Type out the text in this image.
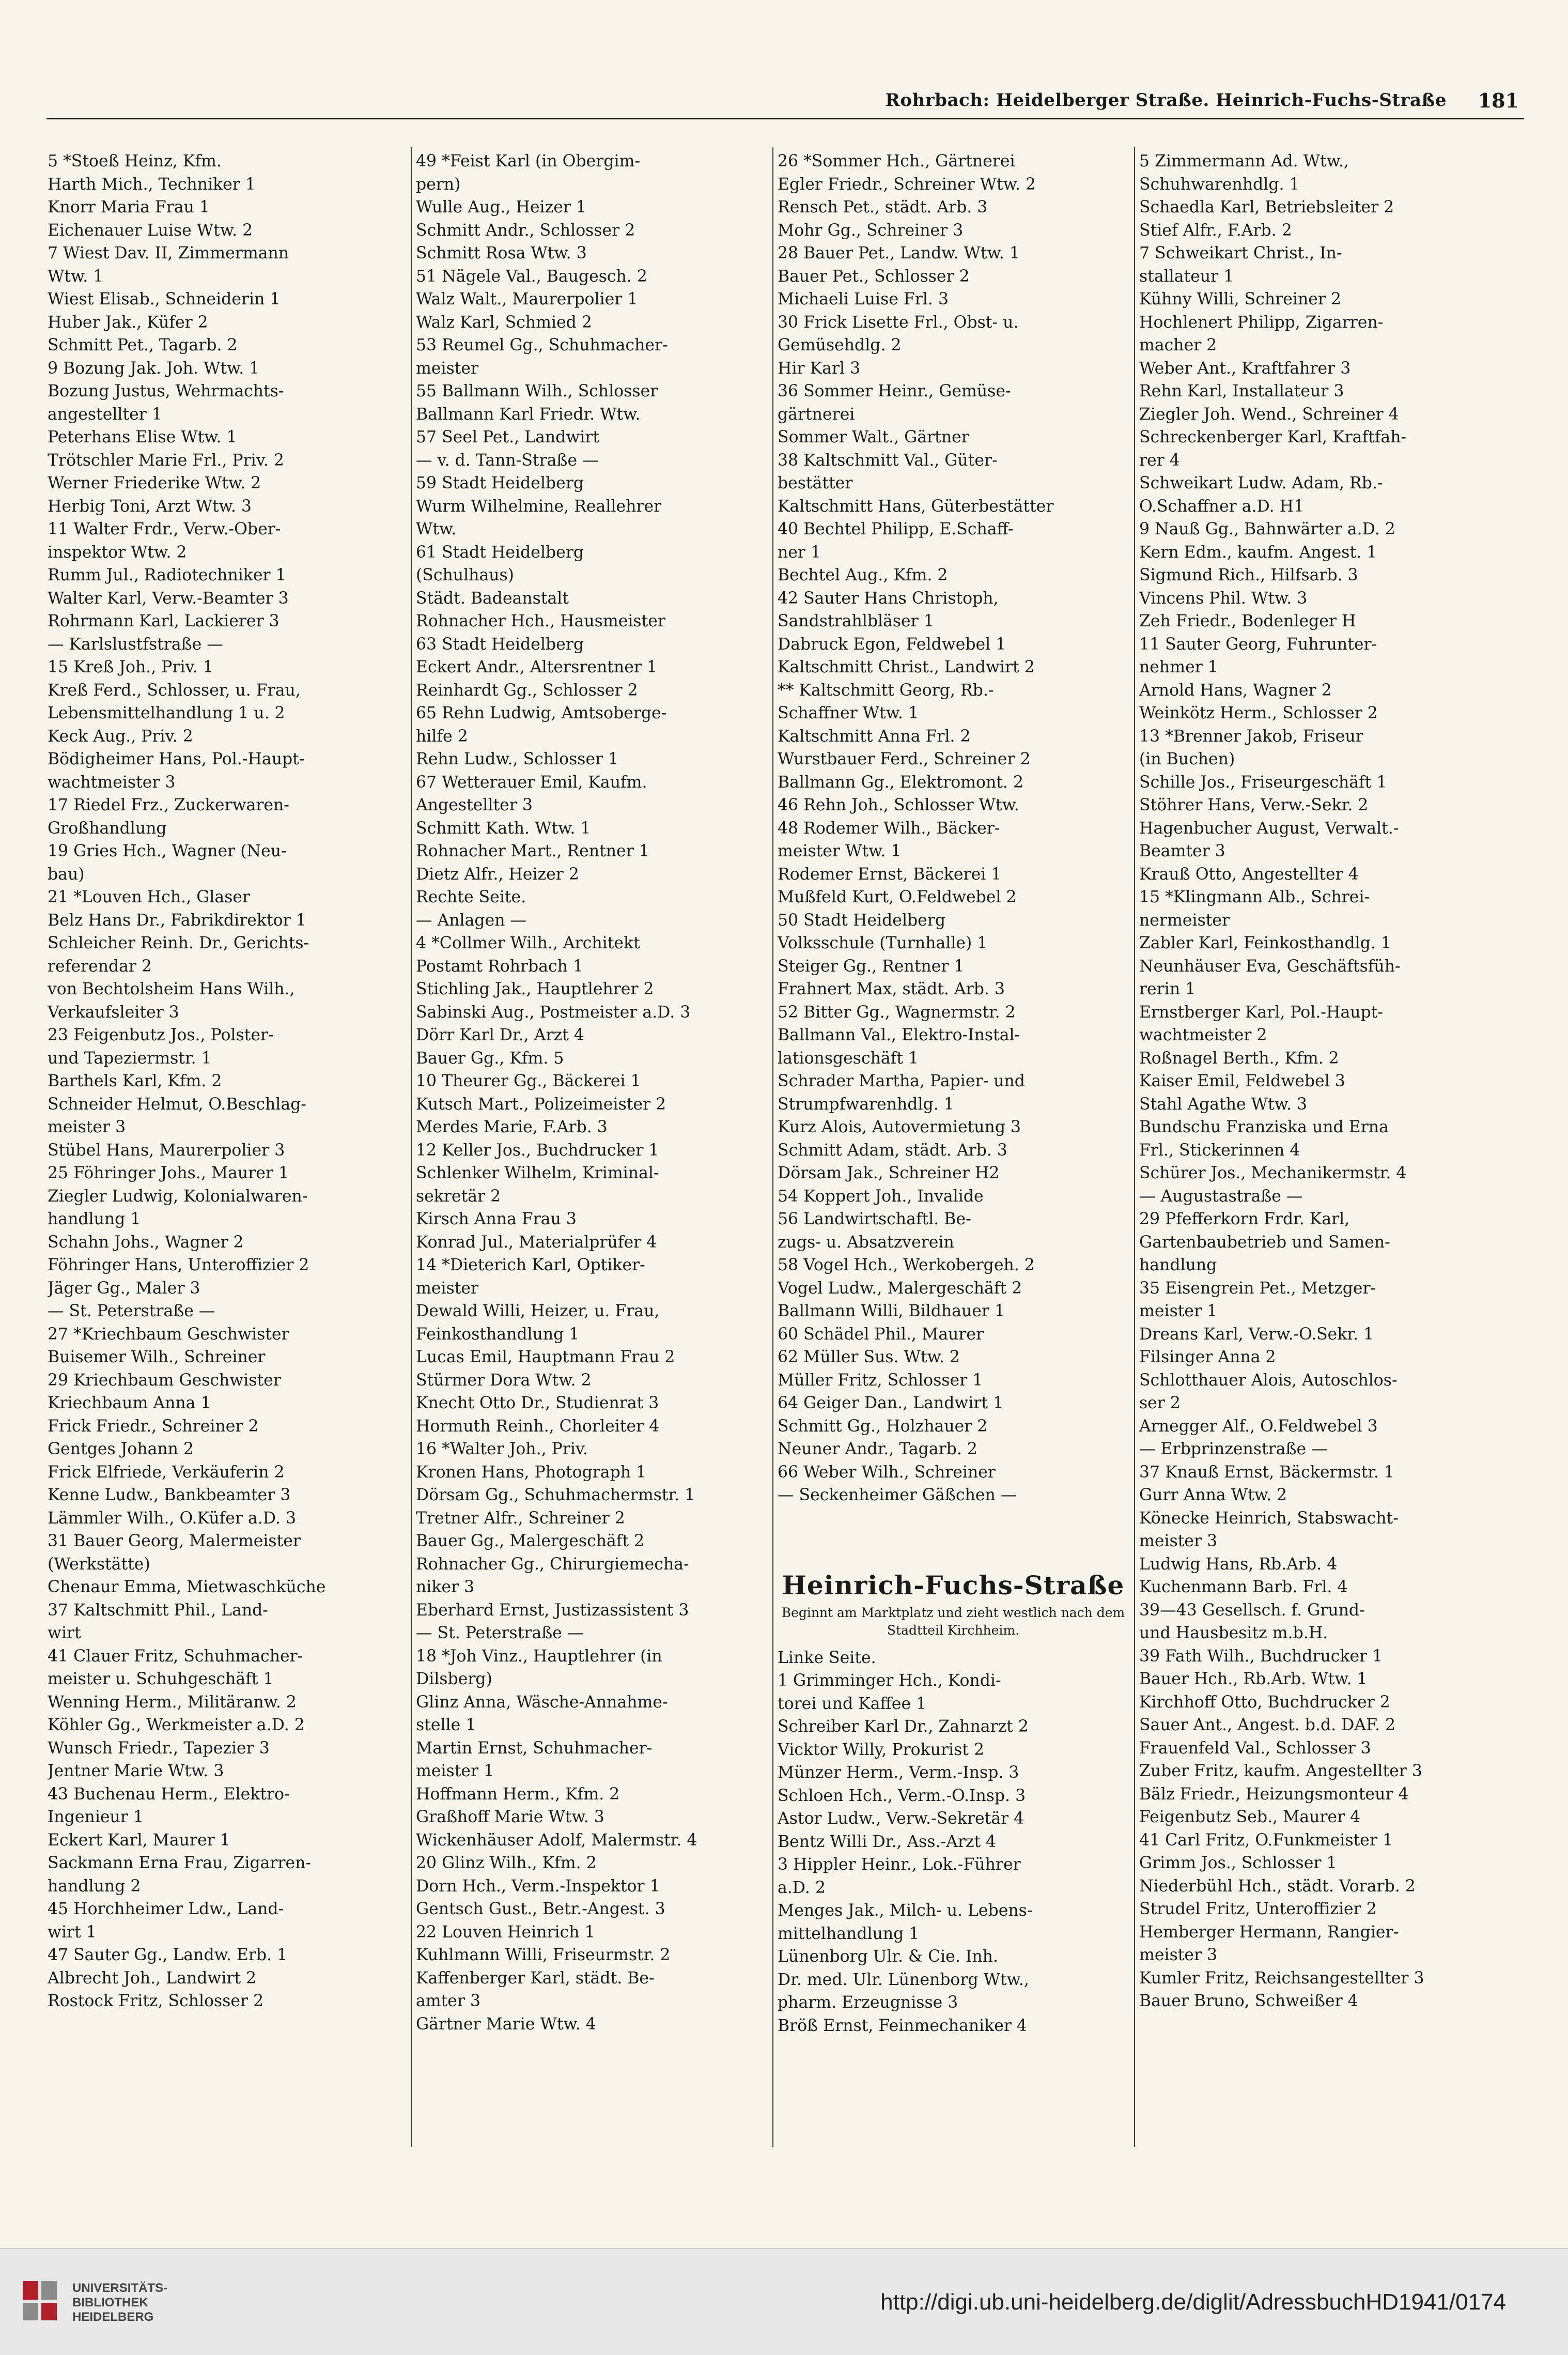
Rohrbach: Heidelberger Straße. Heinrich-Fuchs-Straße 181
5 *Stoeß Heinz, Kfm.
Harth Mich., Techniker 1
Knorr Maria Frau 1
Eichenauer Luise Wtw. 2
7 Wiest Dav. II, Zimmermann
Wtw. 1
Wiest Elisab., Schneiderin 1
Huber Jak., Küfer 2
Schmitt Pet., Tagarb. 2
9 Bozung Jak. Joh. Wtw. 1
Bozung Justus, Wehrmachts-
angestellter 1
Peterhans Elise Wtw. 1
Trötschler Marie Frl., Priv. 2
Werner Friederike Wtw. 2
Herbig Toni, Arzt Wtw. 3
11 Walter Frdr., Verw.-Ober-
inspektor Wtw. 2
Rumm Jul., Radiotechniker 1
Walter Karl, Verw.-Beamter 3
Rohrmann Karl, Lackierer 3
— Karlslustfstraße —
15 Kreß Joh., Priv. 1
Kreß Ferd., Schlosser, u. Frau,
Lebensmittelhandlung 1 u. 2
Keck Aug., Priv. 2
Bödigheimer Hans, Pol.-Haupt-
wachtmeister 3
17 Riedel Frz., Zuckerwaren-
Großhandlung
19 Gries Hch., Wagner (Neu-
bau)
21 *Louven Hch., Glaser
Belz Hans Dr., Fabrikdirektor 1
Schleicher Reinh. Dr., Gerichts-
referendar 2
von Bechtolsheim Hans Wilh.,
Verkaufsleiter 3
23 Feigenbutz Jos., Polster-
und Tapeziermstr. 1
Barthels Karl, Kfm. 2
Schneider Helmut, O.Beschlag-
meister 3
Stübel Hans, Maurerpolier 3
25 Föhringer Johs., Maurer 1
Ziegler Ludwig, Kolonialwaren-
handlung 1
Schahn Johs., Wagner 2
Föhringer Hans, Unteroffizier 2
Jäger Gg., Maler 3
— St. Peterstraße —
27 *Kriechbaum Geschwister
Buisemer Wilh., Schreiner
29 Kriechbaum Geschwister
Kriechbaum Anna 1
Frick Friedr., Schreiner 2
Gentges Johann 2
Frick Elfriede, Verkäuferin 2
Kenne Ludw., Bankbeamter 3
Lämmler Wilh., O.Küfer a.D. 3
31 Bauer Georg, Malermeister
(Werkstätte)
Chenaur Emma, Mietwaschküche
37 Kaltschmitt Phil., Land-
wirt
41 Clauer Fritz, Schuhmacher-
meister u. Schuhgeschäft 1
Wenning Herm., Militäranw. 2
Köhler Gg., Werkmeister a.D. 2
Wunsch Friedr., Tapezier 3
Jentner Marie Wtw. 3
43 Buchenau Herm., Elektro-
Ingenieur 1
Eckert Karl, Maurer 1
Sackmann Erna Frau, Zigarren-
handlung 2
45 Horchheimer Ldw., Land-
wirt 1
47 Sauter Gg., Landw. Erb. 1
Albrecht Joh., Landwirt 2
Rostock Fritz, Schlosser 2
49 *Feist Karl (in Obergim-
pern)
Wulle Aug., Heizer 1
Schmitt Andr., Schlosser 2
Schmitt Rosa Wtw. 3
51 Nägele Val., Baugesch. 2
Walz Walt., Maurerpolier 1
Walz Karl, Schmied 2
53 Reumel Gg., Schuhmacher-
meister
55 Ballmann Wilh., Schlosser
Ballmann Karl Friedr. Wtw.
57 Seel Pet., Landwirt
— v. d. Tann-Straße —
59 Stadt Heidelberg
Wurm Wilhelmine, Reallehrer
Wtw.
61 Stadt Heidelberg
(Schulhaus)
Städt. Badeanstalt
Rohnacher Hch., Hausmeister
63 Stadt Heidelberg
Eckert Andr., Altersrentner 1
Reinhardt Gg., Schlosser 2
65 Rehn Ludwig, Amtsoberge-
hilfe 2
Rehn Ludw., Schlosser 1
67 Wetterauer Emil, Kaufm.
Angestellter 3
Schmitt Kath. Wtw. 1
Rohnacher Mart., Rentner 1
Dietz Alfr., Heizer 2
Rechte Seite.
— Anlagen —
4 *Collmer Wilh., Architekt
Postamt Rohrbach 1
Stichling Jak., Hauptlehrer 2
Sabinski Aug., Postmeister a.D. 3
Dörr Karl Dr., Arzt 4
Bauer Gg., Kfm. 5
10 Theurer Gg., Bäckerei 1
Kutsch Mart., Polizeimeister 2
Merdes Marie, F.Arb. 3
12 Keller Jos., Buchdrucker 1
Schlenker Wilhelm, Kriminal-
sekretär 2
Kirsch Anna Frau 3
Konrad Jul., Materialprüfer 4
14 *Dieterich Karl, Optiker-
meister
Dewald Willi, Heizer, u. Frau,
Feinkosthandlung 1
Lucas Emil, Hauptmann Frau 2
Stürmer Dora Wtw. 2
Knecht Otto Dr., Studienrat 3
Hormuth Reinh., Chorleiter 4
16 *Walter Joh., Priv.
Kronen Hans, Photograph 1
Dörsam Gg., Schuhmachermstr. 1
Tretner Alfr., Schreiner 2
Bauer Gg., Malergeschäft 2
Rohnacher Gg., Chirurgiemecha-
niker 3
Eberhard Ernst, Justizassistent 3
— St. Peterstraße —
18 *Joh Vinz., Hauptlehrer (in
Dilsberg)
Glinz Anna, Wäsche-Annahme-
stelle 1
Martin Ernst, Schuhmacher-
meister 1
Hoffmann Herm., Kfm. 2
Graßhoff Marie Wtw. 3
Wickenhäuser Adolf, Malermstr. 4
20 Glinz Wilh., Kfm. 2
Dorn Hch., Verm.-Inspektor 1
Gentsch Gust., Betr.-Angest. 3
22 Louven Heinrich 1
Kuhlmann Willi, Friseurmstr. 2
Kaffenberger Karl, städt. Be-
amter 3
Gärtner Marie Wtw. 4
26 *Sommer Hch., Gärtnerei
Egler Friedr., Schreiner Wtw. 2
Rensch Pet., städt. Arb. 3
Mohr Gg., Schreiner 3
28 Bauer Pet., Landw. Wtw. 1
Bauer Pet., Schlosser 2
Michaeli Luise Frl. 3
30 Frick Lisette Frl., Obst- u.
Gemüsehdlg. 2
Hir Karl 3
36 Sommer Heinr., Gemüse-
gärtnerei
Sommer Walt., Gärtner
38 Kaltschmitt Val., Güter-
bestätter
Kaltschmitt Hans, Güterbestätter
40 Bechtel Philipp, E.Schaff-
ner 1
Bechtel Aug., Kfm. 2
42 Sauter Hans Christoph,
Sandstrahlbläser 1
Dabruck Egon, Feldwebel 1
Kaltschmitt Christ., Landwirt 2
** Kaltschmitt Georg, Rb.-
Schaffner Wtw. 1
Kaltschmitt Anna Frl. 2
Wurstbauer Ferd., Schreiner 2
Ballmann Gg., Elektromont. 2
46 Rehn Joh., Schlosser Wtw.
48 Rodemer Wilh., Bäcker-
meister Wtw. 1
Rodemer Ernst, Bäckerei 1
Mußfeld Kurt, O.Feldwebel 2
50 Stadt Heidelberg
Volksschule (Turnhalle) 1
Steiger Gg., Rentner 1
Frahnert Max, städt. Arb. 3
52 Bitter Gg., Wagnermstr. 2
Ballmann Val., Elektro-Instal-
lationsgeschäft 1
Schrader Martha, Papier- und
Strumpfwarenhdlg. 1
Kurz Alois, Autovermietung 3
Schmitt Adam, städt. Arb. 3
Dörsam Jak., Schreiner H2
54 Koppert Joh., Invalide
56 Landwirtschaftl. Be-
zugs- u. Absatzverein
58 Vogel Hch., Werkobergeh. 2
Vogel Ludw., Malergeschäft 2
Ballmann Willi, Bildhauer 1
60 Schädel Phil., Maurer
62 Müller Sus. Wtw. 2
Müller Fritz, Schlosser 1
64 Geiger Dan., Landwirt 1
Schmitt Gg., Holzhauer 2
Neuner Andr., Tagarb. 2
66 Weber Wilh., Schreiner
— Seckenheimer Gäßchen —
Heinrich-Fuchs-Straße
Beginnt am Marktplatz und zieht westlich nach dem Stadtteil Kirchheim.
Linke Seite.
1 Grimminger Hch., Kondi-
torei und Kaffee 1
Schreiber Karl Dr., Zahnarzt 2
Vicktor Willy, Prokurist 2
Münzer Herm., Verm.-Insp. 3
Schloen Hch., Verm.-O.Insp. 3
Astor Ludw., Verw.-Sekretär 4
Bentz Willi Dr., Ass.-Arzt 4
3 Hippler Heinr., Lok.-Führer
a.D. 2
Menges Jak., Milch- u. Lebens-
mittelhandlung 1
Lünenborg Ulr. & Cie. Inh.
Dr. med. Ulr. Lünenborg Wtw.,
pharm. Erzeugnisse 3
Bröß Ernst, Feinmechaniker 4
5 Zimmermann Ad. Wtw.,
Schuhwarenhdlg. 1
Schaedla Karl, Betriebsleiter 2
Stief Alfr., F.Arb. 2
7 Schweikart Christ., In-
stallateur 1
Kühny Willi, Schreiner 2
Hochlenert Philipp, Zigarren-
macher 2
Weber Ant., Kraftfahrer 3
Rehn Karl, Installateur 3
Ziegler Joh. Wend., Schreiner 4
Schreckenberger Karl, Kraftfah-
rer 4
Schweikart Ludw. Adam, Rb.-
O.Schaffner a.D. H1
9 Nauß Gg., Bahnwärter a.D. 2
Kern Edm., kaufm. Angest. 1
Sigmund Rich., Hilfsarb. 3
Vincens Phil. Wtw. 3
Zeh Friedr., Bodenleger H
11 Sauter Georg, Fuhrunter-
nehmer 1
Arnold Hans, Wagner 2
Weinkötz Herm., Schlosser 2
13 *Brenner Jakob, Friseur
(in Buchen)
Schille Jos., Friseurgeschäft 1
Stöhrer Hans, Verw.-Sekr. 2
Hagenbucher August, Verwalt.-
Beamter 3
Krauß Otto, Angestellter 4
15 *Klingmann Alb., Schrei-
nermeister
Zabler Karl, Feinkosthandlg. 1
Neunhäuser Eva, Geschäftsfüh-
rerin 1
Ernstberger Karl, Pol.-Haupt-
wachtmeister 2
Roßnagel Berth., Kfm. 2
Kaiser Emil, Feldwebel 3
Stahl Agathe Wtw. 3
Bundschu Franziska und Erna
Frl., Stickerinnen 4
Schürer Jos., Mechanikermstr. 4
— Augustastraße —
29 Pfefferkorn Frdr. Karl,
Gartenbaubetrieb und Samen-
handlung
35 Eisengrein Pet., Metzger-
meister 1
Dreans Karl, Verw.-O.Sekr. 1
Filsinger Anna 2
Schlotthauer Alois, Autoschlos-
ser 2
Arnegger Alf., O.Feldwebel 3
— Erbprinzenstraße —
37 Knauß Ernst, Bäckermstr. 1
Gurr Anna Wtw. 2
Könecke Heinrich, Stabswacht-
meister 3
Ludwig Hans, Rb.Arb. 4
Kuchenmann Barb. Frl. 4
39—43 Gesellsch. f. Grund-
und Hausbesitz m.b.H.
39 Fath Wilh., Buchdrucker 1
Bauer Hch., Rb.Arb. Wtw. 1
Kirchhoff Otto, Buchdrucker 2
Sauer Ant., Angest. b.d. DAF. 2
Frauenfeld Val., Schlosser 3
Zuber Fritz, kaufm. Angestellter 3
Bälz Friedr., Heizungsmonteur 4
Feigenbutz Seb., Maurer 4
41 Carl Fritz, O.Funkmeister 1
Grimm Jos., Schlosser 1
Niederbühl Hch., städt. Vorarb. 2
Strudel Fritz, Unteroffizier 2
Hemberger Hermann, Rangier-
meister 3
Kumler Fritz, Reichsangestellter 3
Bauer Bruno, Schweißer 4
UNIVERSITÄTS-
BIBLIOTHEK
HEIDELBERG
http://digi.ub.uni-heidelberg.de/diglit/AdressbuchHD1941/0174
